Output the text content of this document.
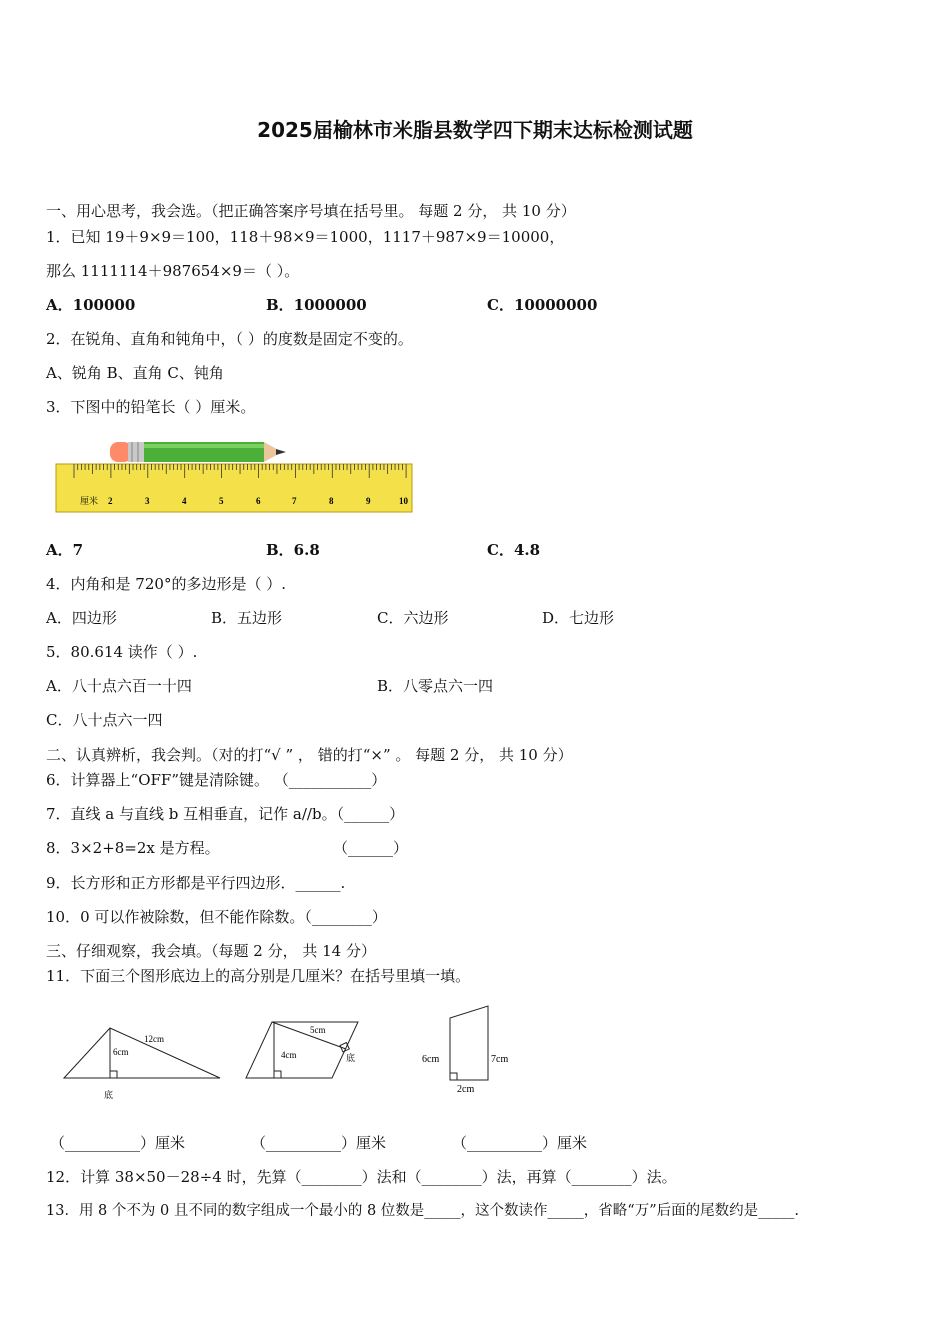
2025届榆林市米脂县数学四下期末达标检测试题
一、用心思考，我会选。（把正确答案序号填在括号里。 每题 2 分， 共 10 分）
1．已知 19＋9×9＝100，118＋98×9＝1000，1117＋987×9＝10000，
那么 1111114＋987654×9＝（ ）。
A．100000	B．1000000	C．10000000
2．在锐角、直角和钝角中，（ ）的度数是固定不变的。
A、锐角 B、直角 C、钝角
3．下图中的铅笔长（ ）厘米。
厘米 2	3	4	5	6	7	8	9	10
A．7	B．6.8	C．4.8
4．内角和是 720°的多边形是（ ）.
A．四边形	B．五边形	C．六边形	D．七边形
5．80.614 读作（ ）.
A．八十点六百一十四	B．八零点六一四
C．八十点六一四
二、认真辨析，我会判。（对的打“√ ” ， 错的打“×” 。 每题 2 分， 共 10 分）
6．计算器上“OFF”键是清除键。 （___________）
7．直线 a 与直线 b 互相垂直，记作 a//b。（______）
8．3×2+8=2x 是方程。	（______）
9．长方形和正方形都是平行四边形．______.
10．0 可以作被除数，但不能作除数。（________）
三、仔细观察，我会填。（每题 2 分， 共 14 分）
11．下面三个图形底边上的高分别是几厘米？在括号里填一填。
12cm
6cm
底
5cm
4cm	底	6cm	7cm
2cm
（__________）厘米	（__________）厘米	（__________）厘米
12．计算 38×50－28÷4 时，先算（________）法和（________）法，再算（________）法。
13．用 8 个不为 0 且不同的数字组成一个最小的 8 位数是_____，这个数读作_____，省略“万”后面的尾数约是_____.
